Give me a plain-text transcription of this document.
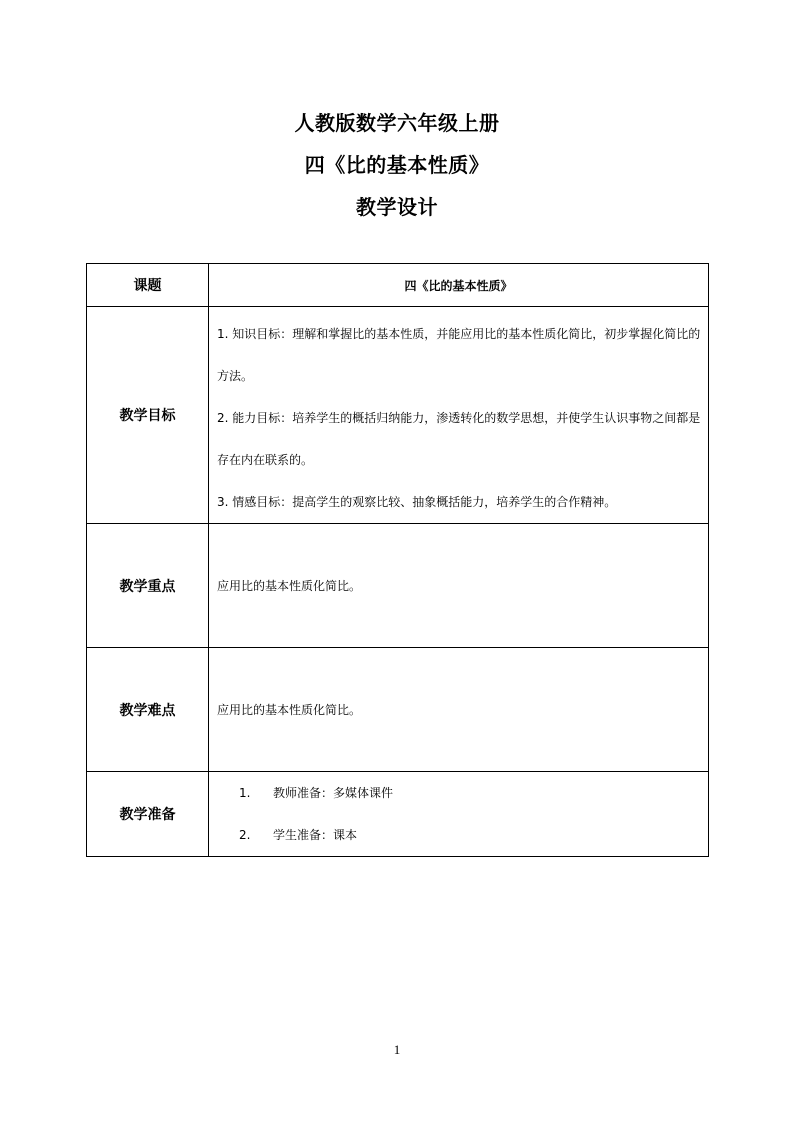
人教版数学六年级上册
四《比的基本性质》
教学设计
课题	四《比的基本性质》
教学目标	1. 知识目标：理解和掌握比的基本性质，并能应用比的基本性质化简比，初步掌握化简比的方法。

2. 能力目标：培养学生的概括归纳能力，渗透转化的数学思想，并使学生认识事物之间都是存在内在联系的。

3. 情感目标：提高学生的观察比较、抽象概括能力，培养学生的合作精神。

教学重点	应用比的基本性质化简比。

教学难点	应用比的基本性质化简比。

教学准备	1. 教师准备：多媒体课件
2. 学生准备：课本
1
